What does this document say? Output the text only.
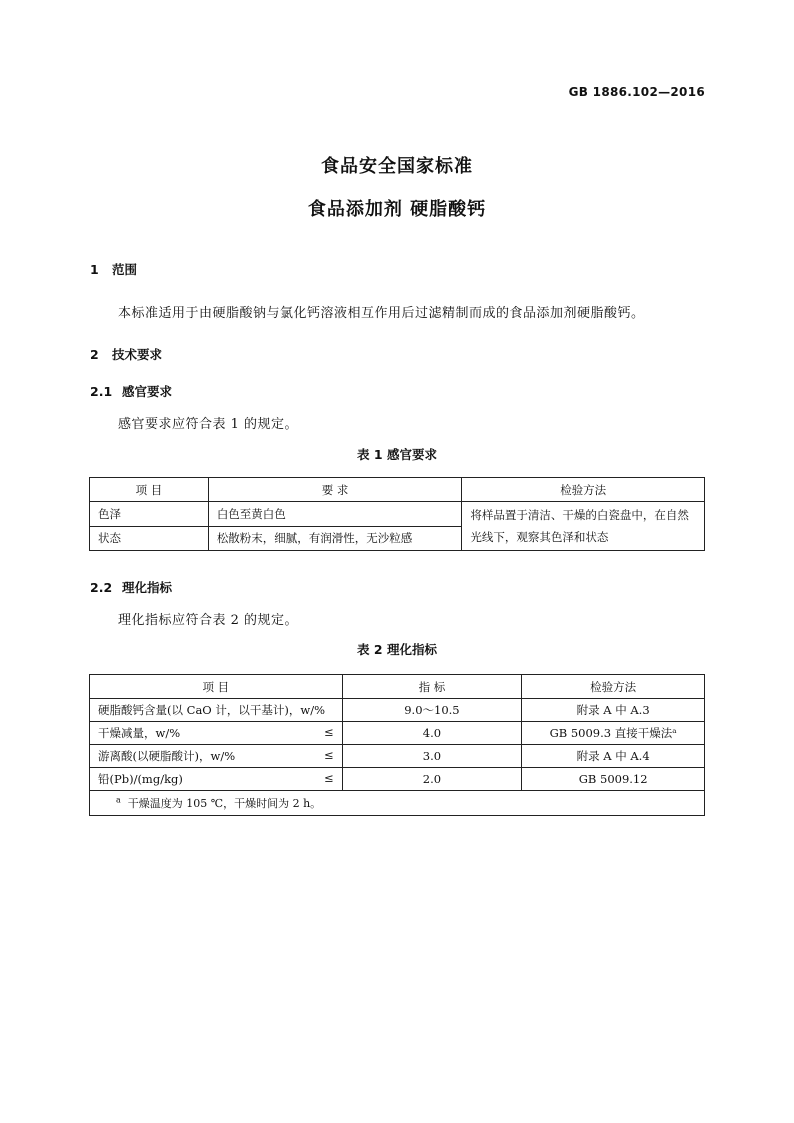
GB 1886.102—2016
食品安全国家标准
食品添加剂 硬脂酸钙
1 范围
本标准适用于由硬脂酸钠与氯化钙溶液相互作用后过滤精制而成的食品添加剂硬脂酸钙。
2 技术要求
2.1 感官要求
感官要求应符合表 1 的规定。
表 1 感官要求
项 目	要 求	检验方法
色泽	白色至黄白色	将样品置于清洁、干燥的白瓷盘中，在自然光线下，观察其色泽和状态
状态	松散粉末，细腻，有润滑性，无沙粒感	
2.2 理化指标
理化指标应符合表 2 的规定。
表 2 理化指标
项 目	指 标	检验方法
硬脂酸钙含量(以 CaO 计，以干基计)，w/%	9.0～10.5	附录 A 中 A.3
干燥减量，w/% ≤	4.0	GB 5009.3 直接干燥法ᵃ
游离酸(以硬脂酸计)，w/% ≤	3.0	附录 A 中 A.4
铅(Pb)/(mg/kg) ≤	2.0	GB 5009.12
$^a$ 干燥温度为 105 ℃，干燥时间为 2 h。		
